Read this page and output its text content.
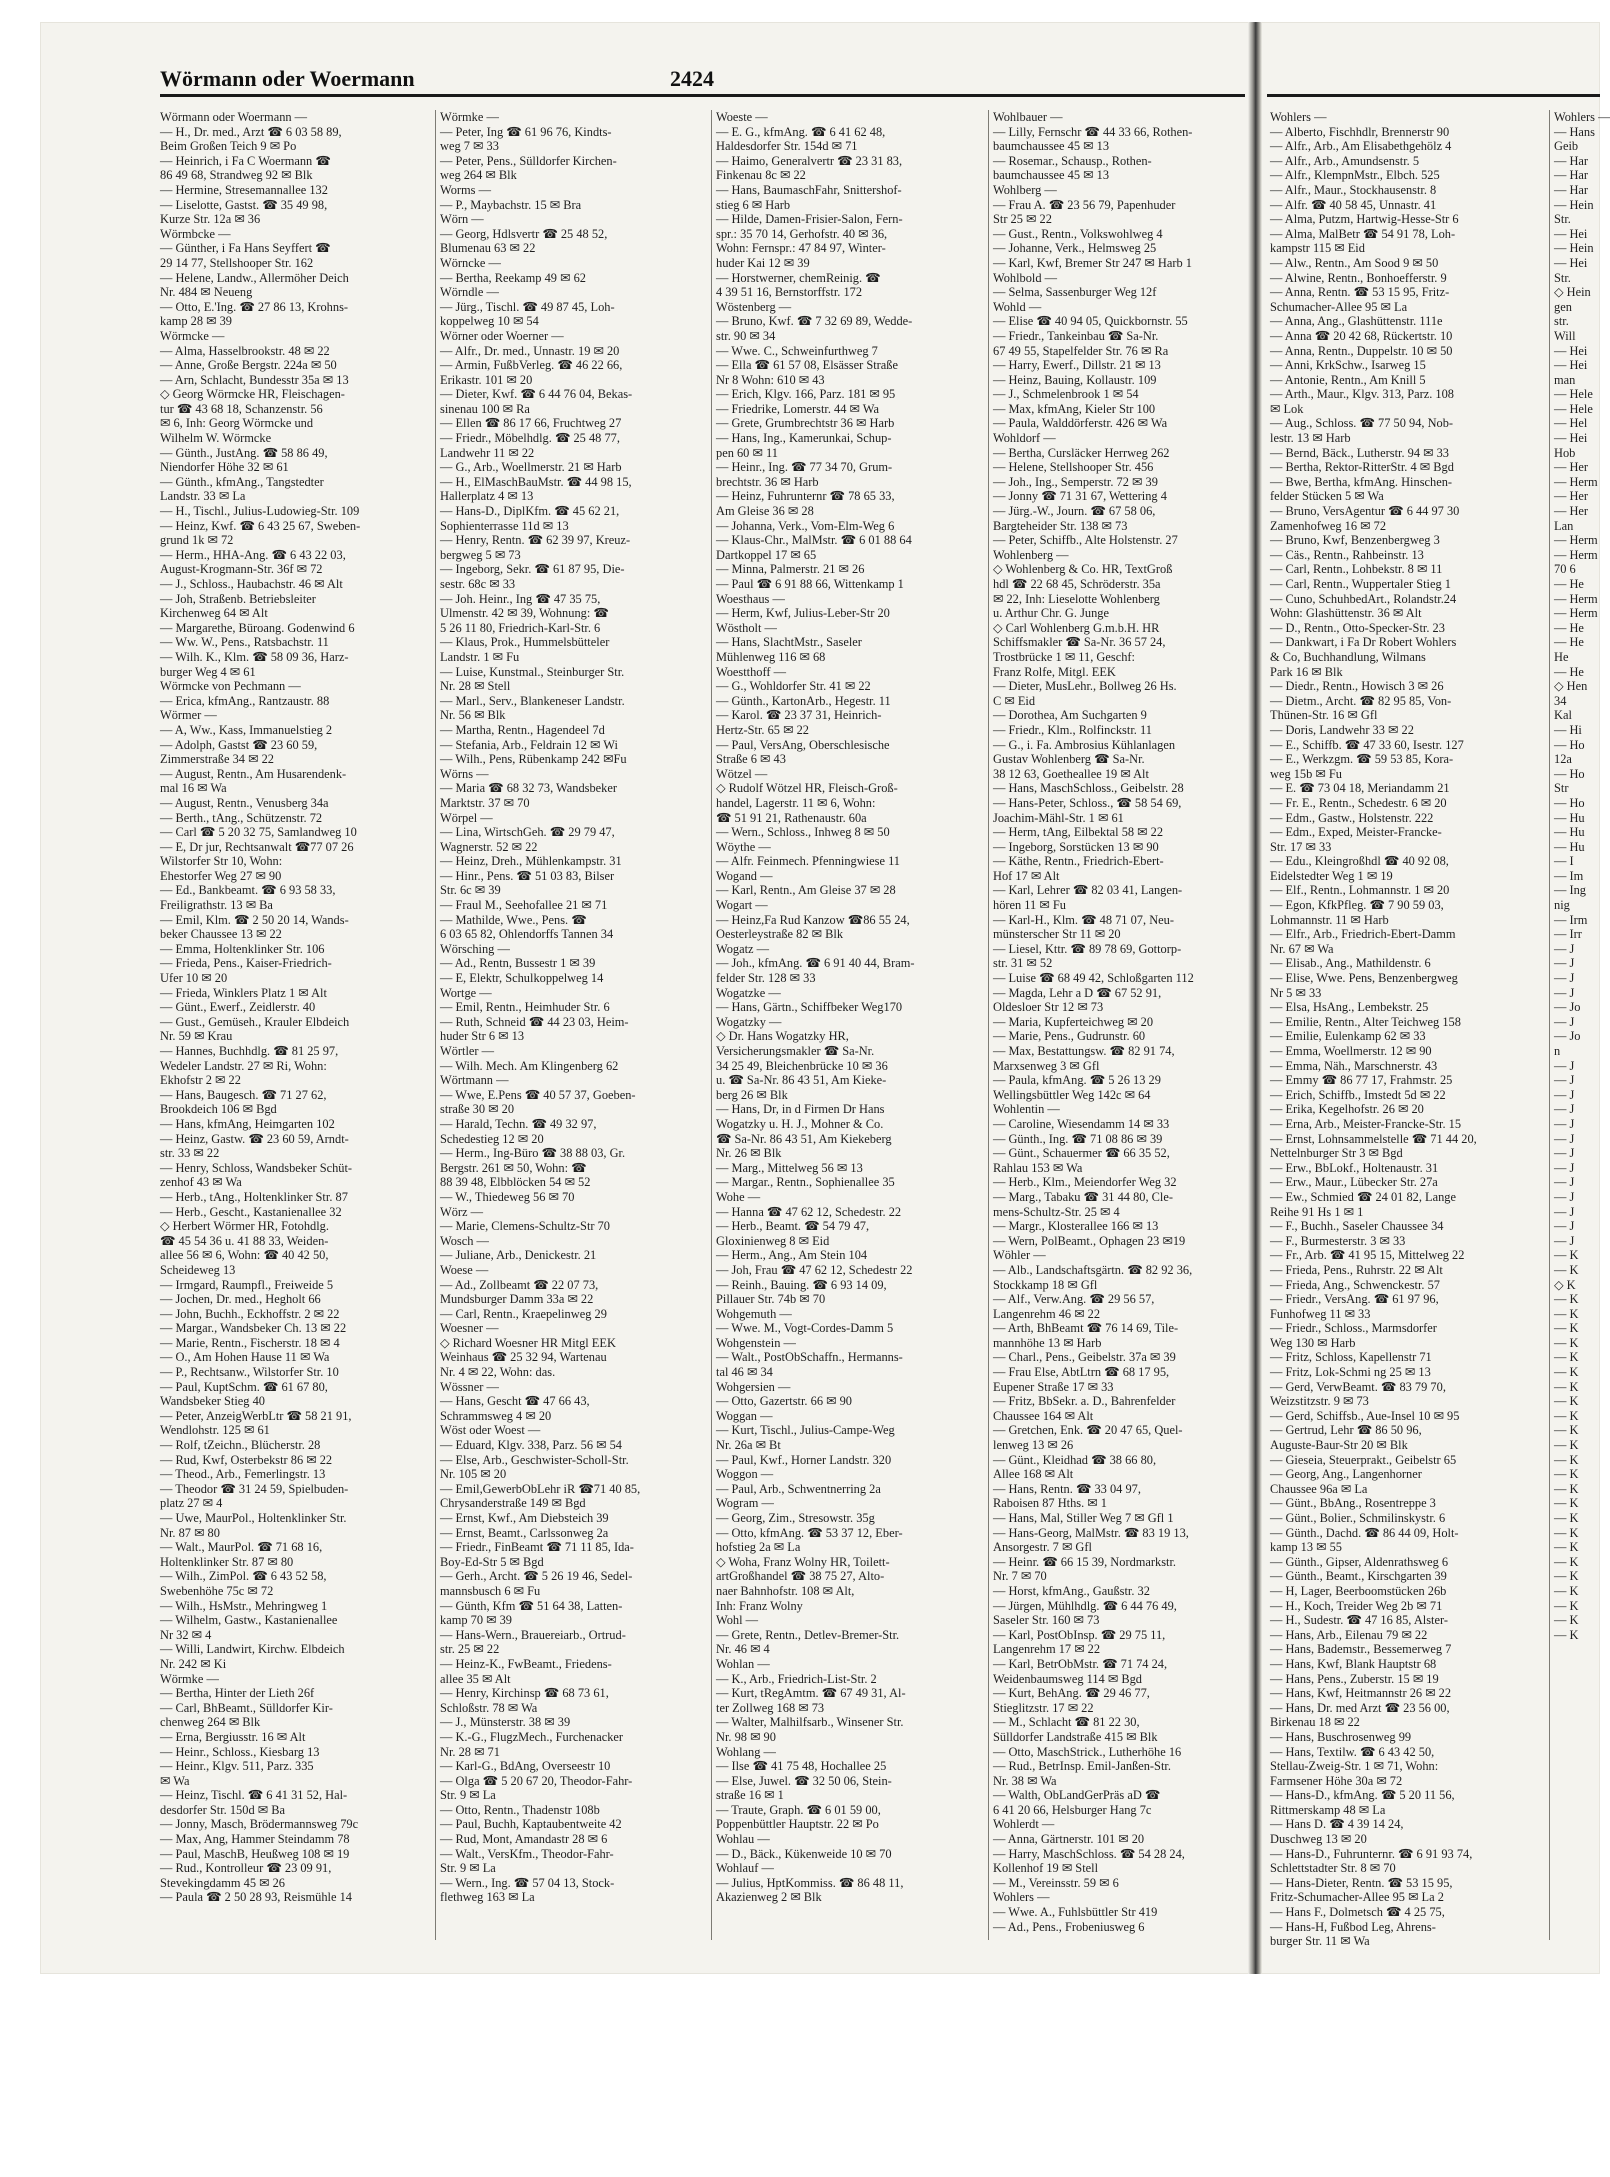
Wörmann oder Woermann	2424
Wörmann oder Woermann —
— H., Dr. med., Arzt ☎ 6 03 58 89,
Beim Großen Teich 9 ✉ Po
— Heinrich, i Fa C Woermann ☎
86 49 68, Strandweg 92 ✉ Blk
— Hermine, Stresemannallee 132
— Liselotte, Gastst. ☎ 35 49 98,
Kurze Str. 12a ✉ 36
Wörmbcke —
— Günther, i Fa Hans Seyffert ☎
29 14 77, Stellshooper Str. 162
— Helene, Landw., Allermöher Deich
Nr. 484 ✉ Neueng
— Otto, E.'Ing. ☎ 27 86 13, Krohns-
kamp 28 ✉ 39
Wörmcke —
— Alma, Hasselbrookstr. 48 ✉ 22
— Anne, Große Bergstr. 224a ✉ 50
— Arn, Schlacht, Bundesstr 35a ✉ 13
◇ Georg Wörmcke HR, Fleischagen-
tur ☎ 43 68 18, Schanzenstr. 56
✉ 6, Inh: Georg Wörmcke und
Wilhelm W. Wörmcke
— Günth., JustAng. ☎ 58 86 49,
Niendorfer Höhe 32 ✉ 61
— Günth., kfmAng., Tangstedter
Landstr. 33 ✉ La
— H., Tischl., Julius-Ludowieg-Str. 109
— Heinz, Kwf. ☎ 6 43 25 67, Sweben-
grund 1k ✉ 72
— Herm., HHA-Ang. ☎ 6 43 22 03,
August-Krogmann-Str. 36f ✉ 72
— J., Schloss., Haubachstr. 46 ✉ Alt
— Joh, Straßenb. Betriebsleiter
Kirchenweg 64 ✉ Alt
— Margarethe, Büroang. Godenwind 6
— Ww. W., Pens., Ratsbachstr. 11
— Wilh. K., Klm. ☎ 58 09 36, Harz-
burger Weg 4 ✉ 61
Wörmcke von Pechmann —
— Erica, kfmAng., Rantzaustr. 88
Wörmer —
— A, Ww., Kass, Immanuelstieg 2
— Adolph, Gastst ☎ 23 60 59,
Zimmerstraße 34 ✉ 22
— August, Rentn., Am Husarendenk-
mal 16 ✉ Wa
— August, Rentn., Venusberg 34a
— Berth., tAng., Schützenstr. 72
— Carl ☎ 5 20 32 75, Samlandweg 10
— E, Dr jur, Rechtsanwalt ☎77 07 26
Wilstorfer Str 10, Wohn:
Ehestorfer Weg 27 ✉ 90
— Ed., Bankbeamt. ☎ 6 93 58 33,
Freiligrathstr. 13 ✉ Ba
— Emil, Klm. ☎ 2 50 20 14, Wands-
beker Chaussee 13 ✉ 22
— Emma, Holtenklinker Str. 106
— Frieda, Pens., Kaiser-Friedrich-
Ufer 10 ✉ 20
— Frieda, Winklers Platz 1 ✉ Alt
— Günt., Ewerf., Zeidlerstr. 40
— Gust., Gemüseh., Krauler Elbdeich
Nr. 59 ✉ Krau
— Hannes, Buchhdlg. ☎ 81 25 97,
Wedeler Landstr. 27 ✉ Ri, Wohn:
Ekhofstr 2 ✉ 22
— Hans, Baugesch. ☎ 71 27 62,
Brookdeich 106 ✉ Bgd
— Hans, kfmAng, Heimgarten 102
— Heinz, Gastw. ☎ 23 60 59, Arndt-
str. 33 ✉ 22
— Henry, Schloss, Wandsbeker Schüt-
zenhof 43 ✉ Wa
— Herb., tAng., Holtenklinker Str. 87
— Herb., Gescht., Kastanienallee 32
◇ Herbert Wörmer HR, Fotohdlg.
☎ 45 54 36 u. 41 88 33, Weiden-
allee 56 ✉ 6, Wohn: ☎ 40 42 50,
Scheideweg 13
— Irmgard, Raumpfl., Freiweide 5
— Jochen, Dr. med., Hegholt 66
— John, Buchh., Eckhoffstr. 2 ✉ 22
— Margar., Wandsbeker Ch. 13 ✉ 22
— Marie, Rentn., Fischerstr. 18 ✉ 4
— O., Am Hohen Hause 11 ✉ Wa
— P., Rechtsanw., Wilstorfer Str. 10
— Paul, KuptSchm. ☎ 61 67 80,
Wandsbeker Stieg 40
— Peter, AnzeigWerbLtr ☎ 58 21 91,
Wendlohstr. 125 ✉ 61
— Rolf, tZeichn., Blücherstr. 28
— Rud, Kwf, Osterbekstr 86 ✉ 22
— Theod., Arb., Femerlingstr. 13
— Theodor ☎ 31 24 59, Spielbuden-
platz 27 ✉ 4
— Uwe, MaurPol., Holtenklinker Str.
Nr. 87 ✉ 80
— Walt., MaurPol. ☎ 71 68 16,
Holtenklinker Str. 87 ✉ 80
— Wilh., ZimPol. ☎ 6 43 52 58,
Swebenhöhe 75c ✉ 72
— Wilh., HsMstr., Mehringweg 1
— Wilhelm, Gastw., Kastanienallee
Nr 32 ✉ 4
— Willi, Landwirt, Kirchw. Elbdeich
Nr. 242 ✉ Ki
Wörmke —
— Bertha, Hinter der Lieth 26f
— Carl, BhBeamt., Sülldorfer Kir-
chenweg 264 ✉ Blk
— Erna, Bergiusstr. 16 ✉ Alt
— Heinr., Schloss., Kiesbarg 13
— Heinr., Klgv. 511, Parz. 335
✉ Wa
— Heinz, Tischl. ☎ 6 41 31 52, Hal-
desdorfer Str. 150d ✉ Ba
— Jonny, Masch, Brödermannsweg 79c
— Max, Ang, Hammer Steindamm 78
— Paul, MaschB, Heußweg 108 ✉ 19
— Rud., Kontrolleur ☎ 23 09 91,
Stevekingdamm 45 ✉ 26
— Paula ☎ 2 50 28 93, Reismühle 14
Wörmke —
— Peter, Ing ☎ 61 96 76, Kindts-
weg 7 ✉ 33
— Peter, Pens., Sülldorfer Kirchen-
weg 264 ✉ Blk
Worms —
— P., Maybachstr. 15 ✉ Bra
Wörn —
— Georg, Hdlsvertr ☎ 25 48 52,
Blumenau 63 ✉ 22
Wörncke —
— Bertha, Reekamp 49 ✉ 62
Wörndle —
— Jürg., Tischl. ☎ 49 87 45, Loh-
koppelweg 10 ✉ 54
Wörner oder Woerner —
— Alfr., Dr. med., Unnastr. 19 ✉ 20
— Armin, FußbVerleg. ☎ 46 22 66,
Erikastr. 101 ✉ 20
— Dieter, Kwf. ☎ 6 44 76 04, Bekas-
sinenau 100 ✉ Ra
— Ellen ☎ 86 17 66, Fruchtweg 27
— Friedr., Möbelhdlg. ☎ 25 48 77,
Landwehr 11 ✉ 22
— G., Arb., Woellmerstr. 21 ✉ Harb
— H., ElMaschBauMstr. ☎ 44 98 15,
Hallerplatz 4 ✉ 13
— Hans-D., DiplKfm. ☎ 45 62 21,
Sophienterrasse 11d ✉ 13
— Henry, Rentn. ☎ 62 39 97, Kreuz-
bergweg 5 ✉ 73
— Ingeborg, Sekr. ☎ 61 87 95, Die-
sestr. 68c ✉ 33
— Joh. Heinr., Ing ☎ 47 35 75,
Ulmenstr. 42 ✉ 39, Wohnung: ☎
5 26 11 80, Friedrich-Karl-Str. 6
— Klaus, Prok., Hummelsbütteler
Landstr. 1 ✉ Fu
— Luise, Kunstmal., Steinburger Str.
Nr. 28 ✉ Stell
— Marl., Serv., Blankeneser Landstr.
Nr. 56 ✉ Blk
— Martha, Rentn., Hagendeel 7d
— Stefania, Arb., Feldrain 12 ✉ Wi
— Wilh., Pens, Rübenkamp 242 ✉Fu
Wörns —
— Maria ☎ 68 32 73, Wandsbeker
Marktstr. 37 ✉ 70
Wörpel —
— Lina, WirtschGeh. ☎ 29 79 47,
Wagnerstr. 52 ✉ 22
— Heinz, Dreh., Mühlenkampstr. 31
— Hinr., Pens. ☎ 51 03 83, Bilser
Str. 6c ✉ 39
— Fraul M., Seehofallee 21 ✉ 71
— Mathilde, Wwe., Pens. ☎
6 03 65 82, Ohlendorffs Tannen 34
Wörsching —
— Ad., Rentn, Bussestr 1 ✉ 39
— E, Elektr, Schulkoppelweg 14
Wortge —
— Emil, Rentn., Heimhuder Str. 6
— Ruth, Schneid ☎ 44 23 03, Heim-
huder Str 6 ✉ 13
Wörtler —
— Wilh. Mech. Am Klingenberg 62
Wörtmann —
— Wwe, E.Pens ☎ 40 57 37, Goeben-
straße 30 ✉ 20
— Harald, Techn. ☎ 49 32 97,
Schedestieg 12 ✉ 20
— Herm., Ing-Büro ☎ 38 88 03, Gr.
Bergstr. 261 ✉ 50, Wohn: ☎
88 39 48, Elbblöcken 54 ✉ 52
— W., Thiedeweg 56 ✉ 70
Wörz —
— Marie, Clemens-Schultz-Str 70
Wosch —
— Juliane, Arb., Denickestr. 21
Woese —
— Ad., Zollbeamt ☎ 22 07 73,
Mundsburger Damm 33a ✉ 22
— Carl, Rentn., Kraepelinweg 29
Woesner —
◇ Richard Woesner HR Mitgl EEK
Weinhaus ☎ 25 32 94, Wartenau
Nr. 4 ✉ 22, Wohn: das.
Wössner —
— Hans, Gescht ☎ 47 66 43,
Schrammsweg 4 ✉ 20
Wöst oder Woest —
— Eduard, Klgv. 338, Parz. 56 ✉ 54
— Else, Arb., Geschwister-Scholl-Str.
Nr. 105 ✉ 20
— Emil,GewerbObLehr iR ☎71 40 85,
Chrysanderstraße 149 ✉ Bgd
— Ernst, Kwf., Am Diebsteich 39
— Ernst, Beamt., Carlssonweg 2a
— Friedr., FinBeamt ☎ 71 11 85, Ida-
Boy-Ed-Str 5 ✉ Bgd
— Gerh., Archt. ☎ 5 26 19 46, Sedel-
mannsbusch 6 ✉ Fu
— Günth, Kfm ☎ 51 64 38, Latten-
kamp 70 ✉ 39
— Hans-Wern., Brauereiarb., Ortrud-
str. 25 ✉ 22
— Heinz-K., FwBeamt., Friedens-
allee 35 ✉ Alt
— Henry, Kirchinsp ☎ 68 73 61,
Schloßstr. 78 ✉ Wa
— J., Münsterstr. 38 ✉ 39
— K.-G., FlugzMech., Furchenacker
Nr. 28 ✉ 71
— Karl-G., BdAng, Overseestr 10
— Olga ☎ 5 20 67 20, Theodor-Fahr-
Str. 9 ✉ La
— Otto, Rentn., Thadenstr 108b
— Paul, Buchh, Kaptaubentweite 42
— Rud, Mont, Amandastr 28 ✉ 6
— Walt., VersKfm., Theodor-Fahr-
Str. 9 ✉ La
— Wern., Ing. ☎ 57 04 13, Stock-
flethweg 163 ✉ La
Woeste —
— E. G., kfmAng. ☎ 6 41 62 48,
Haldesdorfer Str. 154d ✉ 71
— Haimo, Generalvertr ☎ 23 31 83,
Finkenau 8c ✉ 22
— Hans, BaumaschFahr, Snittershof-
stieg 6 ✉ Harb
— Hilde, Damen-Frisier-Salon, Fern-
spr.: 35 70 14, Gerhofstr. 40 ✉ 36,
Wohn: Fernspr.: 47 84 97, Winter-
huder Kai 12 ✉ 39
— Horstwerner, chemReinig. ☎
4 39 51 16, Bernstorffstr. 172
Wöstenberg —
— Bruno, Kwf. ☎ 7 32 69 89, Wedde-
str. 90 ✉ 34
— Wwe. C., Schweinfurthweg 7
— Ella ☎ 61 57 08, Elsässer Straße
Nr 8 Wohn: 610 ✉ 43
— Erich, Klgv. 166, Parz. 181 ✉ 95
— Friedrike, Lomerstr. 44 ✉ Wa
— Grete, Grumbrechtstr 36 ✉ Harb
— Hans, Ing., Kamerunkai, Schup-
pen 60 ✉ 11
— Heinr., Ing. ☎ 77 34 70, Grum-
brechtstr. 36 ✉ Harb
— Heinz, Fuhrunternr ☎ 78 65 33,
Am Gleise 36 ✉ 28
— Johanna, Verk., Vom-Elm-Weg 6
— Klaus-Chr., MalMstr. ☎ 6 01 88 64
Dartkoppel 17 ✉ 65
— Minna, Palmerstr. 21 ✉ 26
— Paul ☎ 6 91 88 66, Wittenkamp 1
Woesthaus —
— Herm, Kwf, Julius-Leber-Str 20
Wöstholt —
— Hans, SlachtMstr., Saseler
Mühlenweg 116 ✉ 68
Woestthoff —
— G., Wohldorfer Str. 41 ✉ 22
— Günth., KartonArb., Hegestr. 11
— Karol. ☎ 23 37 31, Heinrich-
Hertz-Str. 65 ✉ 22
— Paul, VersAng, Oberschlesische
Straße 6 ✉ 43
Wötzel —
◇ Rudolf Wötzel HR, Fleisch-Groß-
handel, Lagerstr. 11 ✉ 6, Wohn:
☎ 51 91 21, Rathenaustr. 60a
— Wern., Schloss., Inhweg 8 ✉ 50
Wöythe —
— Alfr. Feinmech. Pfenningwiese 11
Wogand —
— Karl, Rentn., Am Gleise 37 ✉ 28
Wogart —
— Heinz,Fa Rud Kanzow ☎86 55 24,
Oesterleystraße 82 ✉ Blk
Wogatz —
— Joh., kfmAng. ☎ 6 91 40 44, Bram-
felder Str. 128 ✉ 33
Wogatzke —
— Hans, Gärtn., Schiffbeker Weg170
Wogatzky —
◇ Dr. Hans Wogatzky HR,
Versicherungsmakler ☎ Sa-Nr.
34 25 49, Bleichenbrücke 10 ✉ 36
u. ☎ Sa-Nr. 86 43 51, Am Kieke-
berg 26 ✉ Blk
— Hans, Dr, in d Firmen Dr Hans
Wogatzky u. H. J., Mohner & Co.
☎ Sa-Nr. 86 43 51, Am Kiekeberg
Nr. 26 ✉ Blk
— Marg., Mittelweg 56 ✉ 13
— Margar., Rentn., Sophienallee 35
Wohe —
— Hanna ☎ 47 62 12, Schedestr. 22
— Herb., Beamt. ☎ 54 79 47,
Gloxinienweg 8 ✉ Eid
— Herm., Ang., Am Stein 104
— Joh, Frau ☎ 47 62 12, Schedestr 22
— Reinh., Bauing. ☎ 6 93 14 09,
Pillauer Str. 74b ✉ 70
Wohgemuth —
— Wwe. M., Vogt-Cordes-Damm 5
Wohgenstein —
— Walt., PostObSchaffn., Hermanns-
tal 46 ✉ 34
Wohgersien —
— Otto, Gazertstr. 66 ✉ 90
Woggan —
— Kurt, Tischl., Julius-Campe-Weg
Nr. 26a ✉ Bt
— Paul, Kwf., Horner Landstr. 320
Woggon —
— Paul, Arb., Schwentnerring 2a
Wogram —
— Georg, Zim., Stresowstr. 35g
— Otto, kfmAng. ☎ 53 37 12, Eber-
hofstieg 2a ✉ La
◇ Woha, Franz Wolny HR, Toilett-
artGroßhandel ☎ 38 75 27, Alto-
naer Bahnhofstr. 108 ✉ Alt,
Inh: Franz Wolny
Wohl —
— Grete, Rentn., Detlev-Bremer-Str.
Nr. 46 ✉ 4
Wohlan —
— K., Arb., Friedrich-List-Str. 2
— Kurt, tRegAmtm. ☎ 67 49 31, Al-
ter Zollweg 168 ✉ 73
— Walter, Malhilfsarb., Winsener Str.
Nr. 98 ✉ 90
Wohlang —
— Ilse ☎ 41 75 48, Hochallee 25
— Else, Juwel. ☎ 32 50 06, Stein-
straße 16 ✉ 1
— Traute, Graph. ☎ 6 01 59 00,
Poppenbüttler Hauptstr. 22 ✉ Po
Wohlau —
— D., Bäck., Kükenweide 10 ✉ 70
Wohlauf —
— Julius, HptKommiss. ☎ 86 48 11,
Akazienweg 2 ✉ Blk
Wohlbauer —
— Lilly, Fernschr ☎ 44 33 66, Rothen-
baumchaussee 45 ✉ 13
— Rosemar., Schausp., Rothen-
baumchaussee 45 ✉ 13
Wohlberg —
— Frau A. ☎ 23 56 79, Papenhuder
Str 25 ✉ 22
— Gust., Rentn., Volkswohlweg 4
— Johanne, Verk., Helmsweg 25
— Karl, Kwf, Bremer Str 247 ✉ Harb 1
Wohlbold —
— Selma, Sassenburger Weg 12f
Wohld —
— Elise ☎ 40 94 05, Quickbornstr. 55
— Friedr., Tankeinbau ☎ Sa-Nr.
67 49 55, Stapelfelder Str. 76 ✉ Ra
— Harry, Ewerf., Dillstr. 21 ✉ 13
— Heinz, Bauing, Kollaustr. 109
— J., Schmelenbrook 1 ✉ 54
— Max, kfmAng, Kieler Str 100
— Paula, Walddörferstr. 426 ✉ Wa
Wohldorf —
— Bertha, Cursläcker Herrweg 262
— Helene, Stellshooper Str. 456
— Joh., Ing., Semperstr. 72 ✉ 39
— Jonny ☎ 71 31 67, Wettering 4
— Jürg.-W., Journ. ☎ 67 58 06,
Bargteheider Str. 138 ✉ 73
— Peter, Schiffb., Alte Holstenstr. 27
Wohlenberg —
◇ Wohlenberg & Co. HR, TextGroß
hdl ☎ 22 68 45, Schröderstr. 35a
✉ 22, Inh: Lieselotte Wohlenberg
u. Arthur Chr. G. Junge
◇ Carl Wohlenberg G.m.b.H. HR
Schiffsmakler ☎ Sa-Nr. 36 57 24,
Trostbrücke 1 ✉ 11, Geschf:
Franz Rolfe, Mitgl. EEK
— Dieter, MusLehr., Bollweg 26 Hs.
C ✉ Eid
— Dorothea, Am Suchgarten 9
— Friedr., Klm., Rolfinckstr. 11
— G., i. Fa. Ambrosius Kühlanlagen
Gustav Wohlenberg ☎ Sa-Nr.
38 12 63, Goetheallee 19 ✉ Alt
— Hans, MaschSchloss., Geibelstr. 28
— Hans-Peter, Schloss., ☎ 58 54 69,
Joachim-Mähl-Str. 1 ✉ 61
— Herm, tAng, Eilbektal 58 ✉ 22
— Ingeborg, Sorstücken 13 ✉ 90
— Käthe, Rentn., Friedrich-Ebert-
Hof 17 ✉ Alt
— Karl, Lehrer ☎ 82 03 41, Langen-
hören 11 ✉ Fu
— Karl-H., Klm. ☎ 48 71 07, Neu-
münsterscher Str 11 ✉ 20
— Liesel, Kttr. ☎ 89 78 69, Gottorp-
str. 31 ✉ 52
— Luise ☎ 68 49 42, Schloßgarten 112
— Magda, Lehr a D ☎ 67 52 91,
Oldesloer Str 12 ✉ 73
— Maria, Kupferteichweg ✉ 20
— Marie, Pens., Gudrunstr. 60
— Max, Bestattungsw. ☎ 82 91 74,
Marxsenweg 3 ✉ Gfl
— Paula, kfmAng. ☎ 5 26 13 29
Wellingsbüttler Weg 142c ✉ 64
Wohlentin —
— Caroline, Wiesendamm 14 ✉ 33
— Günth., Ing. ☎ 71 08 86 ✉ 39
— Günt., Schauermer ☎ 66 35 52,
Rahlau 153 ✉ Wa
— Herb., Klm., Meiendorfer Weg 32
— Marg., Tabaku ☎ 31 44 80, Cle-
mens-Schultz-Str. 25 ✉ 4
— Margr., Klosterallee 166 ✉ 13
— Wern, PolBeamt., Ophagen 23 ✉19
Wöhler —
— Alb., Landschaftsgärtn. ☎ 82 92 36,
Stockkamp 18 ✉ Gfl
— Alf., Verw.Ang. ☎ 29 56 57,
Langenrehm 46 ✉ 22
— Arth, BhBeamt ☎ 76 14 69, Tile-
mannhöhe 13 ✉ Harb
— Charl., Pens., Geibelstr. 37a ✉ 39
— Frau Else, AbtLtrn ☎ 68 17 95,
Eupener Straße 17 ✉ 33
— Fritz, BbSekr. a. D., Bahrenfelder
Chaussee 164 ✉ Alt
— Gretchen, Enk. ☎ 20 47 65, Quel-
lenweg 13 ✉ 26
— Günt., Kleidhad ☎ 38 66 80,
Allee 168 ✉ Alt
— Hans, Rentn. ☎ 33 04 97,
Raboisen 87 Hths. ✉ 1
— Hans, Mal, Stiller Weg 7 ✉ Gfl 1
— Hans-Georg, MalMstr. ☎ 83 19 13,
Ansorgestr. 7 ✉ Gfl
— Heinr. ☎ 66 15 39, Nordmarkstr.
Nr. 7 ✉ 70
— Horst, kfmAng., Gaußstr. 32
— Jürgen, Mühlhdlg. ☎ 6 44 76 49,
Saseler Str. 160 ✉ 73
— Karl, PostObInsp. ☎ 29 75 11,
Langenrehm 17 ✉ 22
— Karl, BetrObMstr. ☎ 71 74 24,
Weidenbaumsweg 114 ✉ Bgd
— Kurt, BehAng. ☎ 29 46 77,
Stieglitzstr. 17 ✉ 22
— M., Schlacht ☎ 81 22 30,
Sülldorfer Landstraße 415 ✉ Blk
— Otto, MaschStrick., Lutherhöhe 16
— Rud., BetrInsp. Emil-Janßen-Str.
Nr. 38 ✉ Wa
— Walth, ObLandGerPräs aD ☎
6 41 20 66, Helsburger Hang 7c
Wohlerdt —
— Anna, Gärtnerstr. 101 ✉ 20
— Harry, MaschSchloss. ☎ 54 28 24,
Kollenhof 19 ✉ Stell
— M., Vereinsstr. 59 ✉ 6
Wohlers —
— Wwe. A., Fuhlsbüttler Str 419
— Ad., Pens., Frobeniusweg 6
Wohlers —
— Alberto, Fischhdlr, Brennerstr 90
— Alfr., Arb., Am Elisabethgehölz 4
— Alfr., Arb., Amundsenstr. 5
— Alfr., KlempnMstr., Elbch. 525
— Alfr., Maur., Stockhausenstr. 8
— Alfr. ☎ 40 58 45, Unnastr. 41
— Alma, Putzm, Hartwig-Hesse-Str 6
— Alma, MalBetr ☎ 54 91 78, Loh-
kampstr 115 ✉ Eid
— Alw., Rentn., Am Sood 9 ✉ 50
— Alwine, Rentn., Bonhoefferstr. 9
— Anna, Rentn. ☎ 53 15 95, Fritz-
Schumacher-Allee 95 ✉ La
— Anna, Ang., Glashüttenstr. 111e
— Anna ☎ 20 42 68, Rückertstr. 10
— Anna, Rentn., Duppelstr. 10 ✉ 50
— Anni, KrkSchw., Isarweg 15
— Antonie, Rentn., Am Knill 5
— Arth., Maur., Klgv. 313, Parz. 108
✉ Lok
— Aug., Schloss. ☎ 77 50 94, Nob-
lestr. 13 ✉ Harb
— Bernd, Bäck., Lutherstr. 94 ✉ 33
— Bertha, Rektor-RitterStr. 4 ✉ Bgd
— Bwe, Bertha, kfmAng. Hinschen-
felder Stücken 5 ✉ Wa
— Bruno, VersAgentur ☎ 6 44 97 30
Zamenhofweg 16 ✉ 72
— Bruno, Kwf, Benzenbergweg 3
— Cäs., Rentn., Rahbeinstr. 13
— Carl, Rentn., Lohbekstr. 8 ✉ 11
— Carl, Rentn., Wuppertaler Stieg 1
— Cuno, SchuhbedArt., Rolandstr.24
Wohn: Glashüttenstr. 36 ✉ Alt
— D., Rentn., Otto-Specker-Str. 23
— Dankwart, i Fa Dr Robert Wohlers
& Co, Buchhandlung, Wilmans
Park 16 ✉ Blk
— Diedr., Rentn., Howisch 3 ✉ 26
— Dietm., Archt. ☎ 82 95 85, Von-
Thünen-Str. 16 ✉ Gfl
— Doris, Landwehr 33 ✉ 22
— E., Schiffb. ☎ 47 33 60, Isestr. 127
— E., Werkzgm. ☎ 59 53 85, Kora-
weg 15b ✉ Fu
— E. ☎ 73 04 18, Meriandamm 21
— Fr. E., Rentn., Schedestr. 6 ✉ 20
— Edm., Gastw., Holstenstr. 222
— Edm., Exped, Meister-Francke-
Str. 17 ✉ 33
— Edu., Kleingroßhdl ☎ 40 92 08,
Eidelstedter Weg 1 ✉ 19
— Elf., Rentn., Lohmannstr. 1 ✉ 20
— Egon, KfkPfleg. ☎ 7 90 59 03,
Lohmannstr. 11 ✉ Harb
— Elfr., Arb., Friedrich-Ebert-Damm
Nr. 67 ✉ Wa
— Elisab., Ang., Mathildenstr. 6
— Elise, Wwe. Pens, Benzenbergweg
Nr 5 ✉ 33
— Elsa, HsAng., Lembekstr. 25
— Emilie, Rentn., Alter Teichweg 158
— Emilie, Eulenkamp 62 ✉ 33
— Emma, Woellmerstr. 12 ✉ 90
— Emma, Näh., Marschnerstr. 43
— Emmy ☎ 86 77 17, Frahmstr. 25
— Erich, Schiffb., Imstedt 5d ✉ 22
— Erika, Kegelhofstr. 26 ✉ 20
— Erna, Arb., Meister-Francke-Str. 15
— Ernst, Lohnsammelstelle ☎ 71 44 20,
Nettelnburger Str 3 ✉ Bgd
— Erw., BbLokf., Holtenaustr. 31
— Erw., Maur., Lübecker Str. 27a
— Ew., Schmied ☎ 24 01 82, Lange
Reihe 91 Hs 1 ✉ 1
— F., Buchh., Saseler Chaussee 34
— F., Burmesterstr. 3 ✉ 33
— Fr., Arb. ☎ 41 95 15, Mittelweg 22
— Frieda, Pens., Ruhrstr. 22 ✉ Alt
— Frieda, Ang., Schwenckestr. 57
— Friedr., VersAng. ☎ 61 97 96,
Funhofweg 11 ✉ 33
— Friedr., Schloss., Marmsdorfer
Weg 130 ✉ Harb
— Fritz, Schloss, Kapellenstr 71
— Fritz, Lok-Schmi ng 25 ✉ 13
— Gerd, VerwBeamt. ☎ 83 79 70,
Weizstitzstr. 9 ✉ 73
— Gerd, Schiffsb., Aue-Insel 10 ✉ 95
— Gertrud, Lehr ☎ 86 50 96,
Auguste-Baur-Str 20 ✉ Blk
— Gieseia, Steuerprakt., Geibelstr 65
— Georg, Ang., Langenhorner
Chaussee 96a ✉ La
— Günt., BbAng., Rosentreppe 3
— Günt., Bolier., Schmilinskystr. 6
— Günth., Dachd. ☎ 86 44 09, Holt-
kamp 13 ✉ 55
— Günth., Gipser, Aldenrathsweg 6
— Günth., Beamt., Kirschgarten 39
— H, Lager, Beerboomstücken 26b
— H., Koch, Treider Weg 2b ✉ 71
— H., Sudestr. ☎ 47 16 85, Alster-
— Hans, Arb., Eilenau 79 ✉ 22
— Hans, Bademstr., Bessemerweg 7
— Hans, Kwf, Blank Hauptstr 68
— Hans, Pens., Zuberstr. 15 ✉ 19
— Hans, Kwf, Heitmannstr 26 ✉ 22
— Hans, Dr. med Arzt ☎ 23 56 00,
Birkenau 18 ✉ 22
— Hans, Buschrosenweg 99
— Hans, Textilw. ☎ 6 43 42 50,
Stellau-Zweig-Str. 1 ✉ 71, Wohn:
Farmsener Höhe 30a ✉ 72
— Hans-D., kfmAng. ☎ 5 20 11 56,
Rittmerskamp 48 ✉ La
— Hans D. ☎ 4 39 14 24,
Duschweg 13 ✉ 20
— Hans-D., Fuhrunternr. ☎ 6 91 93 74,
Schlettstadter Str. 8 ✉ 70
— Hans-Dieter, Rentn. ☎ 53 15 95,
Fritz-Schumacher-Allee 95 ✉ La 2
— Hans F., Dolmetsch ☎ 4 25 75,
— Hans-H, Fußbod Leg, Ahrens-
burger Str. 11 ✉ Wa
Wohlers —
— Hans
Geib
— Har
— Har
— Har
— Hein
Str.
— Hei
— Hein
— Hei
Str.
◇ Hein
gen
str.
Will
— Hei
— Hei
man
— Hele
— Hele
— Hel
— Hei
Hob
— Her
— Herm
— Her
— Her
Lan
— Herm
— Herm
70 6
— He
— Herm
— Herm
— He
— He
He
— He
◇ Hen
34
Kal
— Hi
— Ho
12a
— Ho
Str
— Ho
— Hu
— Hu
— Hu
— I
— Im
— Ing
nig
— Irm
— Irr
— J
— J
— J
— J
— Jo
— J
— Jo
n
— J
— J
— J
— J
— J
— J
— J
— J
— J
— J
— J
— J
— J
— K
— K
◇ K
— K
— K
— K
— K
— K
— K
— K
— K
— K
— K
— K
— K
— K
— K
— K
— K
— K
— K
— K
— K
— K
— K
— K
— K
